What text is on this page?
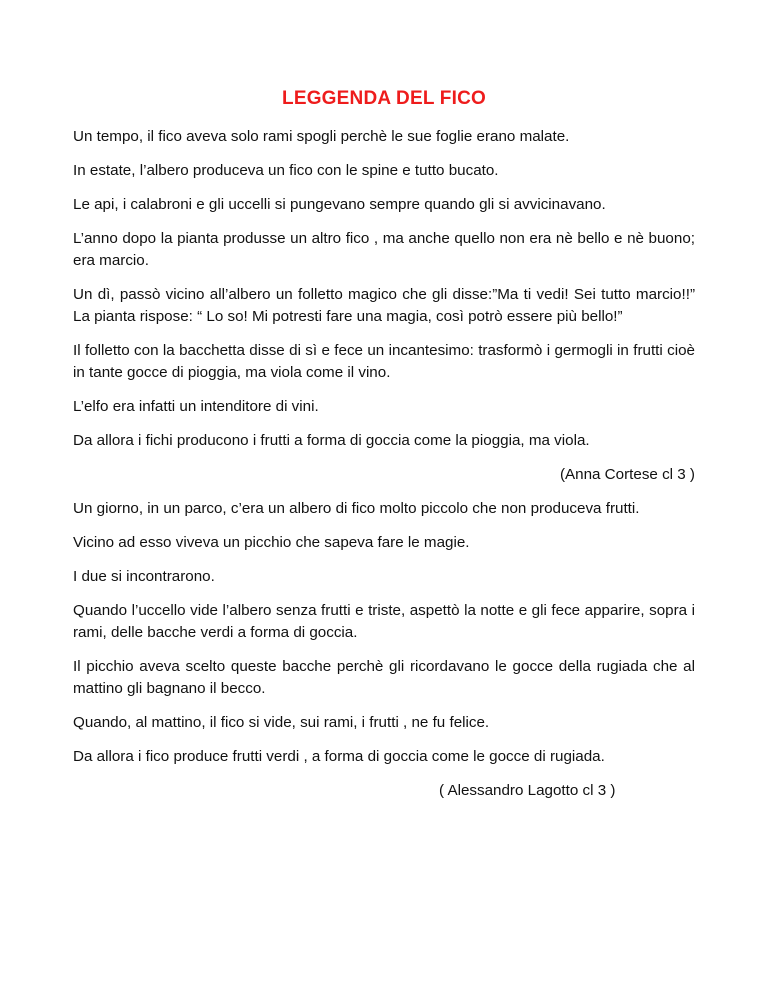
LEGGENDA DEL FICO

Un tempo, il fico aveva solo rami spogli perchè le sue foglie erano malate.

In estate, l’albero produceva un fico con le spine e tutto bucato.

Le api, i calabroni e gli uccelli si pungevano sempre quando gli si avvicinavano.

L’anno dopo la pianta produsse un altro fico , ma anche quello non era nè bello e nè buono; era marcio.

Un dì, passò vicino all’albero un folletto magico che gli disse:”Ma ti vedi! Sei tutto marcio!!” La pianta rispose: “ Lo so! Mi potresti fare una magia, così potrò essere più bello!”

Il folletto con la bacchetta disse di sì e fece un incantesimo: trasformò i germogli in frutti cioè in tante gocce di pioggia, ma viola come il vino.

L’elfo era infatti un intenditore di vini.

Da allora i fichi producono i frutti a forma di goccia come la pioggia, ma viola.

(Anna Cortese cl 3 )

Un giorno, in un parco, c’era un albero di fico molto piccolo che non produceva frutti.

Vicino ad esso viveva un picchio che sapeva fare le magie.

I due si incontrarono.

Quando l’uccello vide l’albero senza frutti e triste, aspettò la notte e gli fece apparire, sopra i rami, delle bacche verdi a forma di goccia.

Il picchio aveva scelto queste bacche perchè gli ricordavano le gocce della rugiada che al mattino gli bagnano il becco.

Quando, al mattino, il fico si vide, sui rami, i frutti , ne fu felice.

Da allora i fico produce frutti verdi , a forma di goccia come le gocce di rugiada.

( Alessandro Lagotto cl 3 )
